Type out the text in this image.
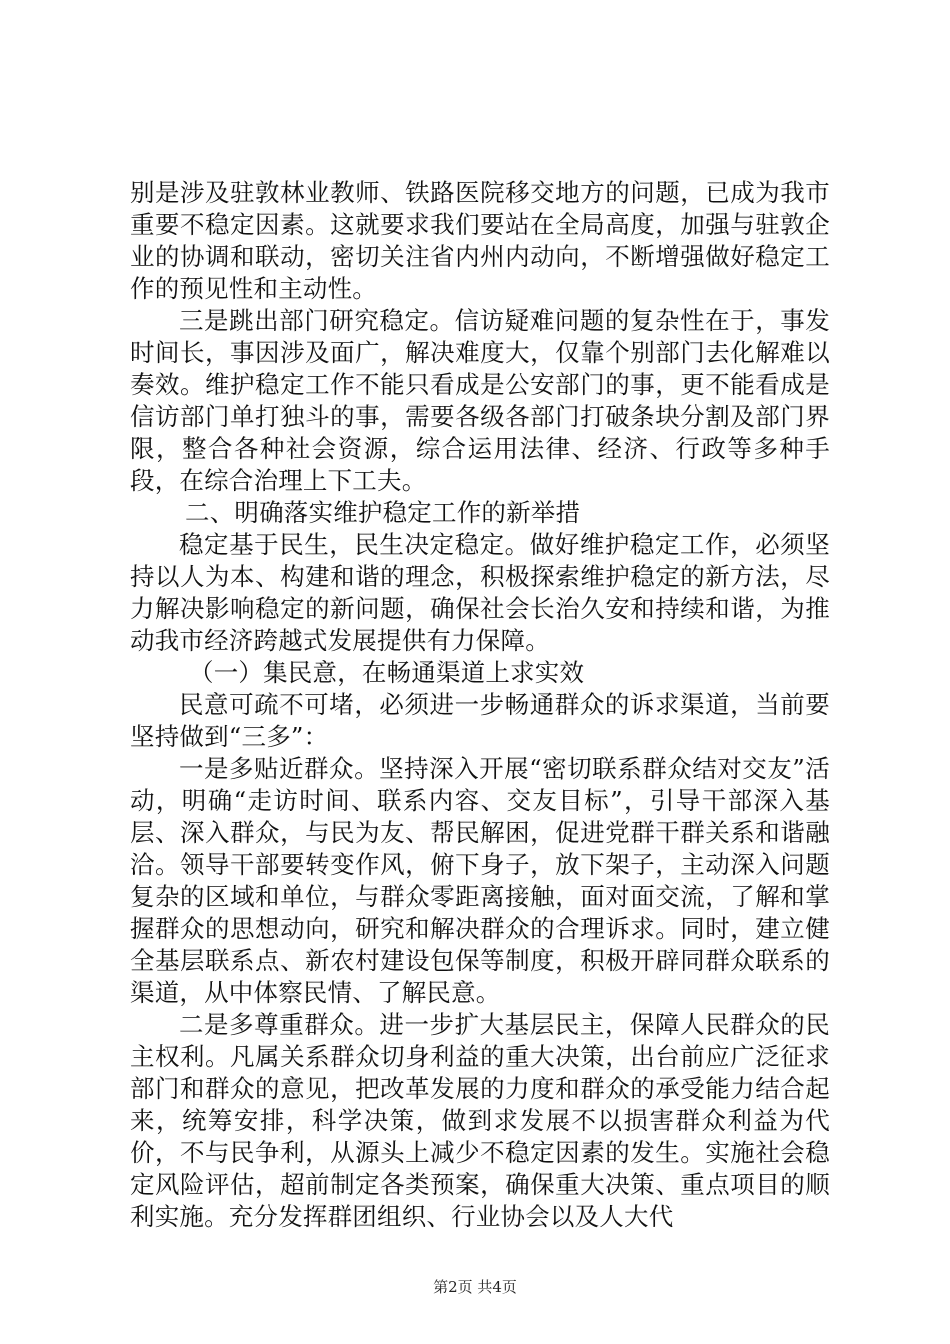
别是涉及驻敦林业教师、铁路医院移交地方的问题，已成为我市重要不稳定因素。这就要求我们要站在全局高度，加强与驻敦企业的协调和联动，密切关注省内州内动向，不断增强做好稳定工作的预见性和主动性。

三是跳出部门研究稳定。信访疑难问题的复杂性在于，事发时间长，事因涉及面广，解决难度大，仅靠个别部门去化解难以奏效。维护稳定工作不能只看成是公安部门的事，更不能看成是信访部门单打独斗的事，需要各级各部门打破条块分割及部门界限，整合各种社会资源，综合运用法律、经济、行政等多种手段，在综合治理上下工夫。

二、明确落实维护稳定工作的新举措

稳定基于民生，民生决定稳定。做好维护稳定工作，必须坚持以人为本、构建和谐的理念，积极探索维护稳定的新方法，尽力解决影响稳定的新问题，确保社会长治久安和持续和谐，为推动我市经济跨越式发展提供有力保障。

（一）集民意，在畅通渠道上求实效

民意可疏不可堵，必须进一步畅通群众的诉求渠道，当前要坚持做到“三多”：

一是多贴近群众。坚持深入开展“密切联系群众结对交友”活动，明确“走访时间、联系内容、交友目标”，引导干部深入基层、深入群众，与民为友、帮民解困，促进党群干群关系和谐融洽。领导干部要转变作风，俯下身子，放下架子，主动深入问题复杂的区域和单位，与群众零距离接触，面对面交流，了解和掌握群众的思想动向，研究和解决群众的合理诉求。同时，建立健全基层联系点、新农村建设包保等制度，积极开辟同群众联系的渠道，从中体察民情、了解民意。

二是多尊重群众。进一步扩大基层民主，保障人民群众的民主权利。凡属关系群众切身利益的重大决策，出台前应广泛征求部门和群众的意见，把改革发展的力度和群众的承受能力结合起来，统筹安排，科学决策，做到求发展不以损害群众利益为代价，不与民争利，从源头上减少不稳定因素的发生。实施社会稳定风险评估，超前制定各类预案，确保重大决策、重点项目的顺利实施。充分发挥群团组织、行业协会以及人大代

第2页 共4页
